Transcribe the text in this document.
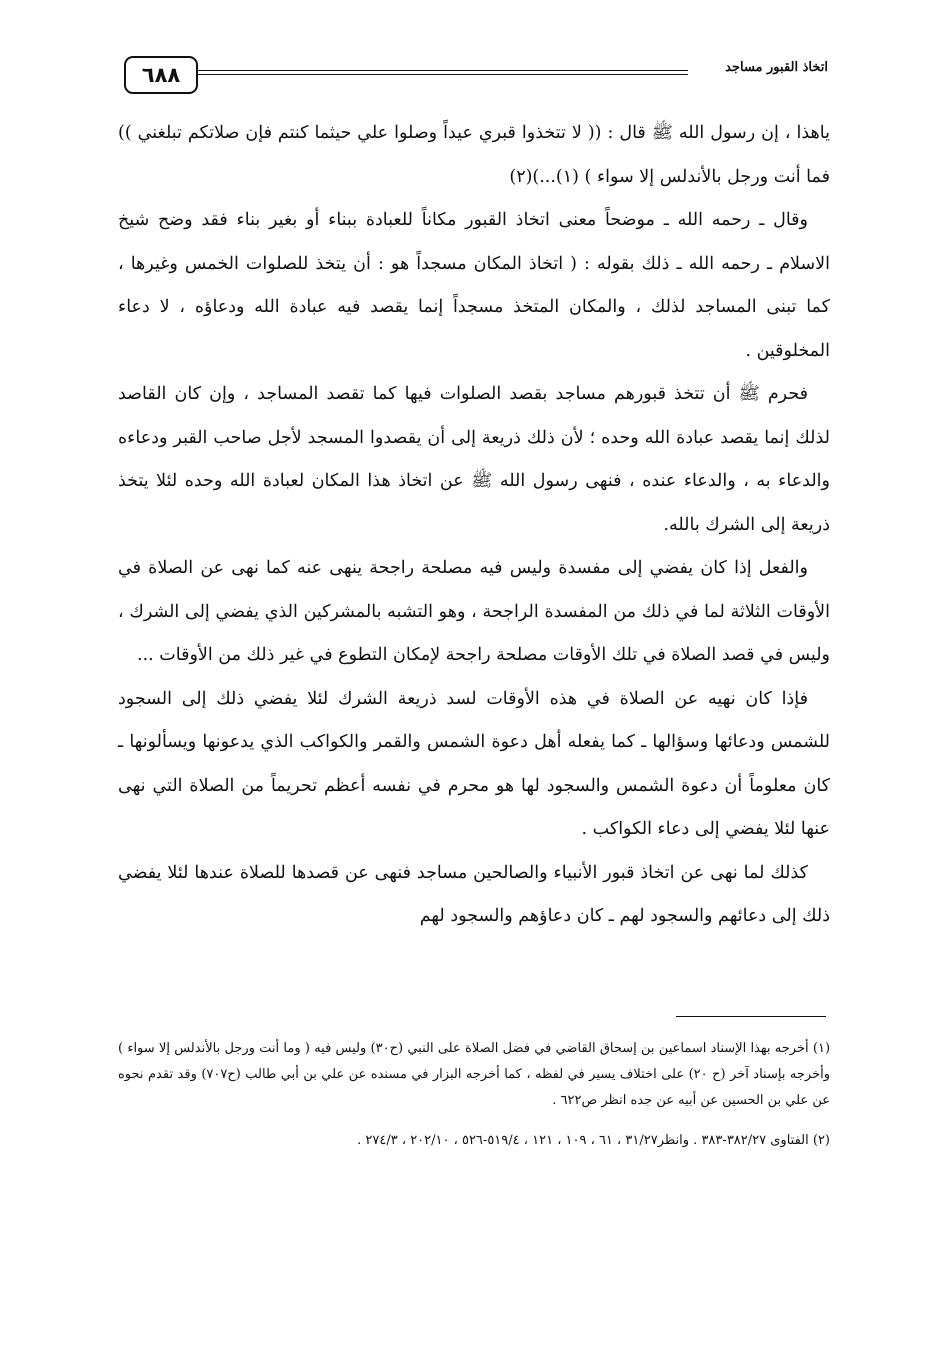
٦٨٨	اتخاذ القبور مساجد

ياهذا ، إن رسول الله ﷺ قال : (( لا تتخذوا قبري عيداً وصلوا علي حيثما كنتم فإن صلاتكم تبلغني )) فما أنت ورجل بالأندلس إلا سواء ) (١)...)(٢)

وقال ـ رحمه الله ـ موضحاً معنى اتخاذ القبور مكاناً للعبادة ببناء أو بغير بناء فقد وضح شيخ الاسلام ـ رحمه الله ـ ذلك بقوله : ( اتخاذ المكان مسجداً هو : أن يتخذ للصلوات الخمس وغيرها ، كما تبنى المساجد لذلك ، والمكان المتخذ مسجداً إنما يقصد فيه عبادة الله ودعاؤه ، لا دعاء المخلوقين .

فحرم ﷺ أن تتخذ قبورهم مساجد بقصد الصلوات فيها كما تقصد المساجد ، وإن كان القاصد لذلك إنما يقصد عبادة الله وحده ؛ لأن ذلك ذريعة إلى أن يقصدوا المسجد لأجل صاحب القبر ودعاءه والدعاء به ، والدعاء عنده ، فنهى رسول الله ﷺ عن اتخاذ هذا المكان لعبادة الله وحده لئلا يتخذ ذريعة إلى الشرك بالله.

والفعل إذا كان يفضي إلى مفسدة وليس فيه مصلحة راجحة ينهى عنه كما نهى عن الصلاة في الأوقات الثلاثة لما في ذلك من المفسدة الراجحة ، وهو التشبه بالمشركين الذي يفضي إلى الشرك ، وليس في قصد الصلاة في تلك الأوقات مصلحة راجحة لإمكان التطوع في غير ذلك من الأوقات ...

فإذا كان نهيه عن الصلاة في هذه الأوقات لسد ذريعة الشرك لئلا يفضي ذلك إلى السجود للشمس ودعائها وسؤالها ـ كما يفعله أهل دعوة الشمس والقمر والكواكب الذي يدعونها ويسألونها ـ كان معلوماً أن دعوة الشمس والسجود لها هو محرم في نفسه أعظم تحريماً من الصلاة التي نهى عنها لئلا يفضي إلى دعاء الكواكب .

كذلك لما نهى عن اتخاذ قبور الأنبياء والصالحين مساجد فنهى عن قصدها للصلاة عندها لئلا يفضي ذلك إلى دعائهم والسجود لهم ـ كان دعاؤهم والسجود لهم

(١) أخرجه بهذا الإسناد اسماعين بن إسحاق القاضي في فضل الصلاة على النبي (ح٣٠) وليس فيه ( وما أنت ورجل بالأندلس إلا سواء ) وأخرجه بإسناد آخر (ح ٢٠) على اختلاف يسير في لفظه ، كما أخرجه البزار في مسنده عن علي بن أبي طالب (ح٧٠٧) وقد تقدم نحوه عن علي بن الحسين عن أبيه عن جده انظر ص٦٢٢ .

(٢) الفتاوى ٣٨٢/٢٧-٣٨٣ . وانظر٣١/٢٧ ، ٦١ ، ١٠٩ ، ١٢١ ، ٥١٩/٤-٥٢٦ ، ٢٠٢/١٠ ، ٢٧٤/٣ .
